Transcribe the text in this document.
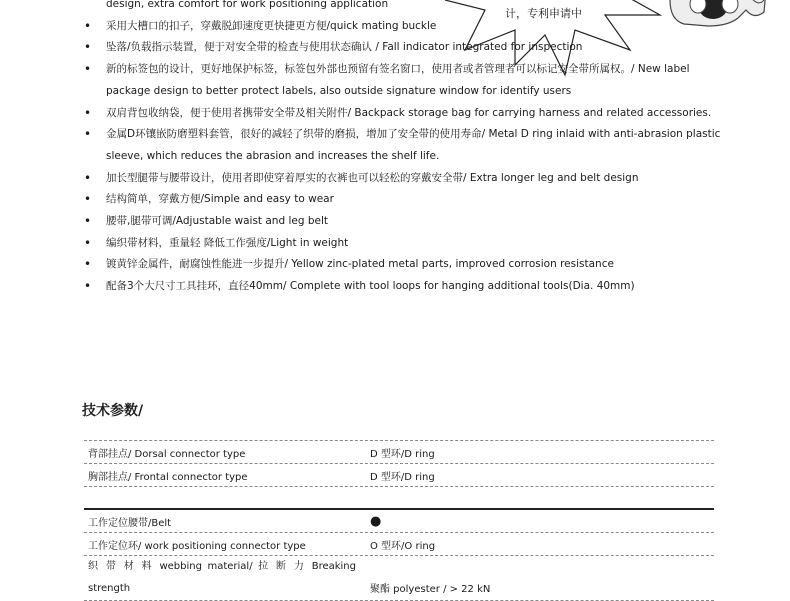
计，专利申请中
design, extra comfort for work positioning application
•	采用大槽口的扣子，穿戴脱卸速度更快捷更方便/quick mating buckle
•	坠落/负载指示装置，便于对安全带的检查与使用状态确认 / Fall indicator integrated for inspection
•	新的标签包的设计，更好地保护标签，标签包外部也预留有签名窗口，使用者或者管理者可以标记安全带所属权。/ New label package design to better protect labels, also outside signature window for identify users
•	双肩背包收纳袋，便于使用者携带安全带及相关附件/ Backpack storage bag for carrying harness and related accessories.
•	金属D环镶嵌防磨塑料套管，很好的减轻了织带的磨损，增加了安全带的使用寿命/ Metal D ring inlaid with anti-abrasion plastic sleeve, which reduces the abrasion and increases the shelf life.
•	加长型腿带与腰带设计，使用者即使穿着厚实的衣裤也可以轻松的穿戴安全带/ Extra longer leg and belt design
•	结构简单，穿戴方便/Simple and easy to wear
•	腰带,腿带可调/Adjustable waist and leg belt
•	编织带材料，重量轻 降低工作强度/Light in weight
•	镀黄锌金属件，耐腐蚀性能进一步提升/ Yellow zinc-plated metal parts, improved corrosion resistance
•	配备3个大尺寸工具挂环，直径40mm/ Complete with tool loops for hanging additional tools(Dia. 40mm)
技术参数/
背部挂点/ Dorsal connector type	D 型环/D ring
胸部挂点/ Frontal connector type	D 型环/D ring
工作定位腰带/Belt	●
工作定位环/ work positioning connector type	O 型环/O ring
织 带 材 料 webbing material/ 拉 断 力 Breaking strength	聚酯 polyester / > 22 kN
